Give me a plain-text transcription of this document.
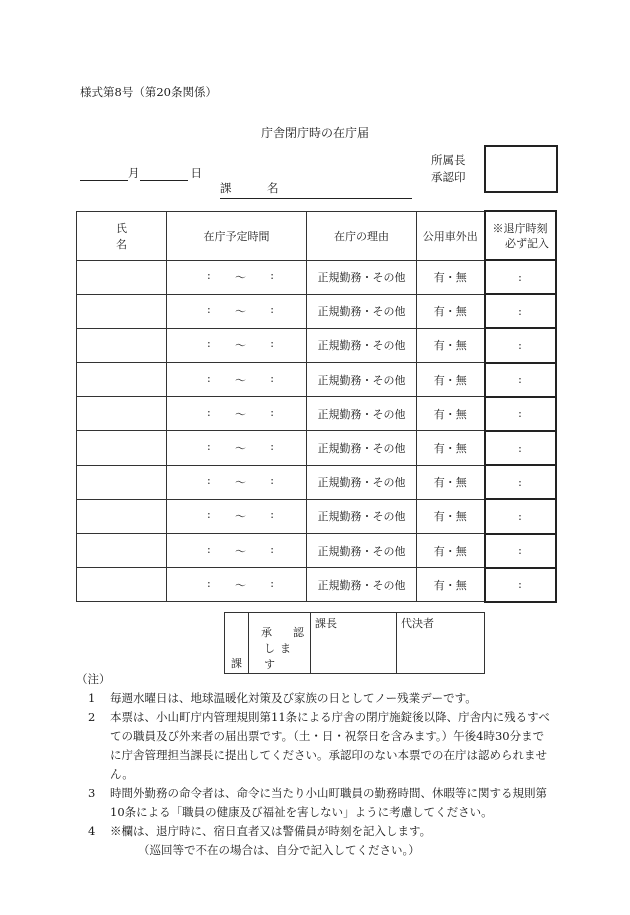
様式第8号（第20条関係）
庁舎閉庁時の在庁届
月	日
課　名
所属長
承認印
氏名	在庁予定時間	在庁の理由	公用車外出	※退庁時刻
必ず記入

	: 〜 :	正規勤務・その他	有・無	:

	: 〜 :	正規勤務・その他	有・無	:

	: 〜 :	正規勤務・その他	有・無	:

	: 〜 :	正規勤務・その他	有・無	:

	: 〜 :	正規勤務・その他	有・無	:

	: 〜 :	正規勤務・その他	有・無	:

	: 〜 :	正規勤務・その他	有・無	:

	: 〜 :	正規勤務・その他	有・無	:

	: 〜 :	正規勤務・その他	有・無	:

	: 〜 :	正規勤務・その他	有・無	:
課	
承 認
します
	課長	代決者
（注）
1 毎週水曜日は、地球温暖化対策及び家族の日としてノー残業デーです。
2 本票は、小山町庁内管理規則第11条による庁舎の閉庁施錠後以降、庁舎内に残るすべての職員及び外来者の届出票です。（土・日・祝祭日を含みます。）午後4時30分までに庁舎管理担当課長に提出してください。承認印のない本票での在庁は認められません。
3 時間外勤務の命令者は、命令に当たり小山町職員の勤務時間、休暇等に関する規則第10条による「職員の健康及び福祉を害しない」ように考慮してください。
4 ※欄は、退庁時に、宿日直者又は警備員が時刻を記入します。
（巡回等で不在の場合は、自分で記入してください。）
